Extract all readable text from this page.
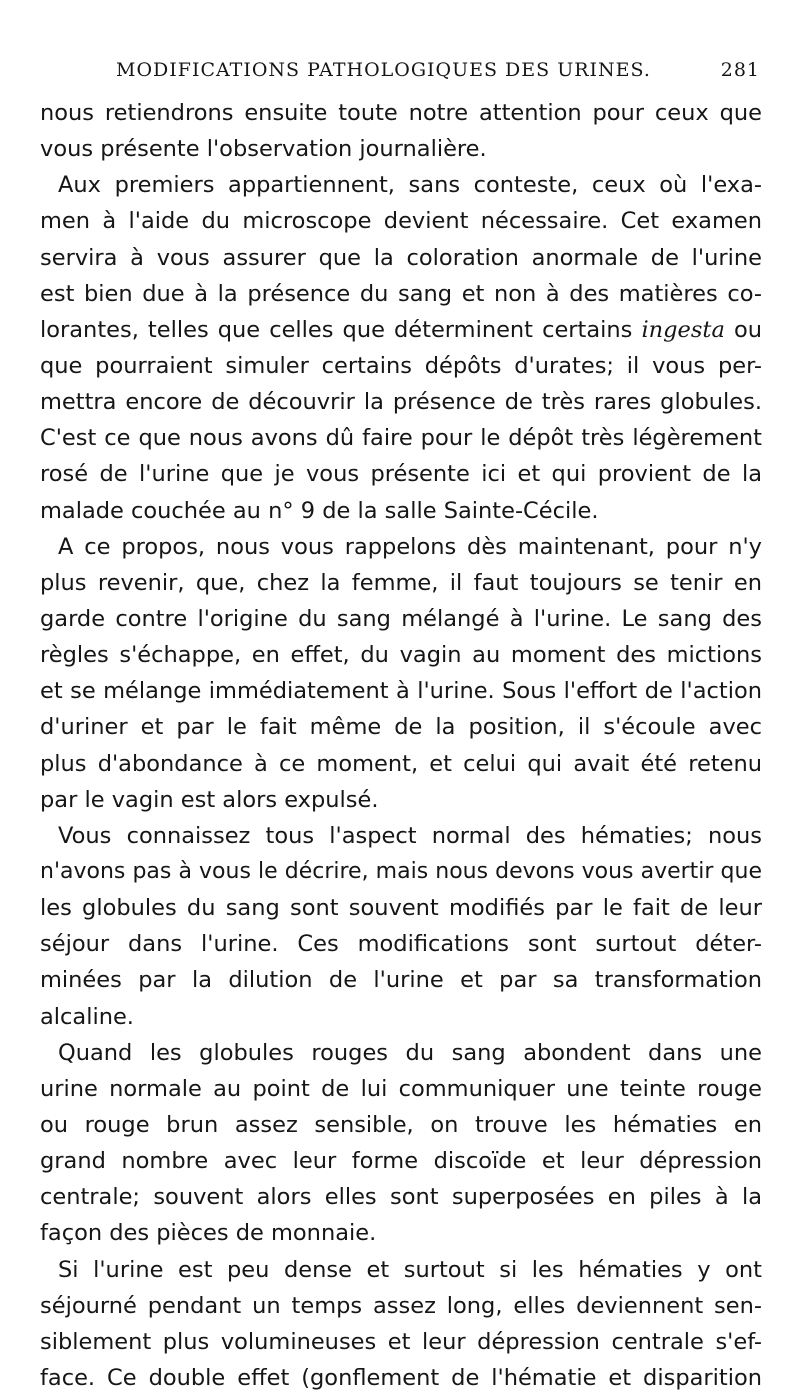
MODIFICATIONS PATHOLOGIQUES DES URINES.	281
nous retiendrons ensuite toute notre attention pour ceux que
vous présente l'observation journalière.
Aux premiers appartiennent, sans conteste, ceux où l'exa-
men à l'aide du microscope devient nécessaire. Cet examen
servira à vous assurer que la coloration anormale de l'urine
est bien due à la présence du sang et non à des matières co-
lorantes, telles que celles que déterminent certains ingesta ou
que pourraient simuler certains dépôts d'urates; il vous per-
mettra encore de découvrir la présence de très rares globules.
C'est ce que nous avons dû faire pour le dépôt très légèrement
rosé de l'urine que je vous présente ici et qui provient de la
malade couchée au n° 9 de la salle Sainte-Cécile.
A ce propos, nous vous rappelons dès maintenant, pour n'y
plus revenir, que, chez la femme, il faut toujours se tenir en
garde contre l'origine du sang mélangé à l'urine. Le sang des
règles s'échappe, en effet, du vagin au moment des mictions
et se mélange immédiatement à l'urine. Sous l'effort de l'action
d'uriner et par le fait même de la position, il s'écoule avec
plus d'abondance à ce moment, et celui qui avait été retenu
par le vagin est alors expulsé.
Vous connaissez tous l'aspect normal des hématies; nous
n'avons pas à vous le décrire, mais nous devons vous avertir que
les globules du sang sont souvent modifiés par le fait de leur
séjour dans l'urine. Ces modifications sont surtout déter-
minées par la dilution de l'urine et par sa transformation
alcaline.
Quand les globules rouges du sang abondent dans une
urine normale au point de lui communiquer une teinte rouge
ou rouge brun assez sensible, on trouve les hématies en
grand nombre avec leur forme discoïde et leur dépression
centrale; souvent alors elles sont superposées en piles à la
façon des pièces de monnaie.
Si l'urine est peu dense et surtout si les hématies y ont
séjourné pendant un temps assez long, elles deviennent sen-
siblement plus volumineuses et leur dépression centrale s'ef-
face. Ce double effet (gonflement de l'hématie et disparition
